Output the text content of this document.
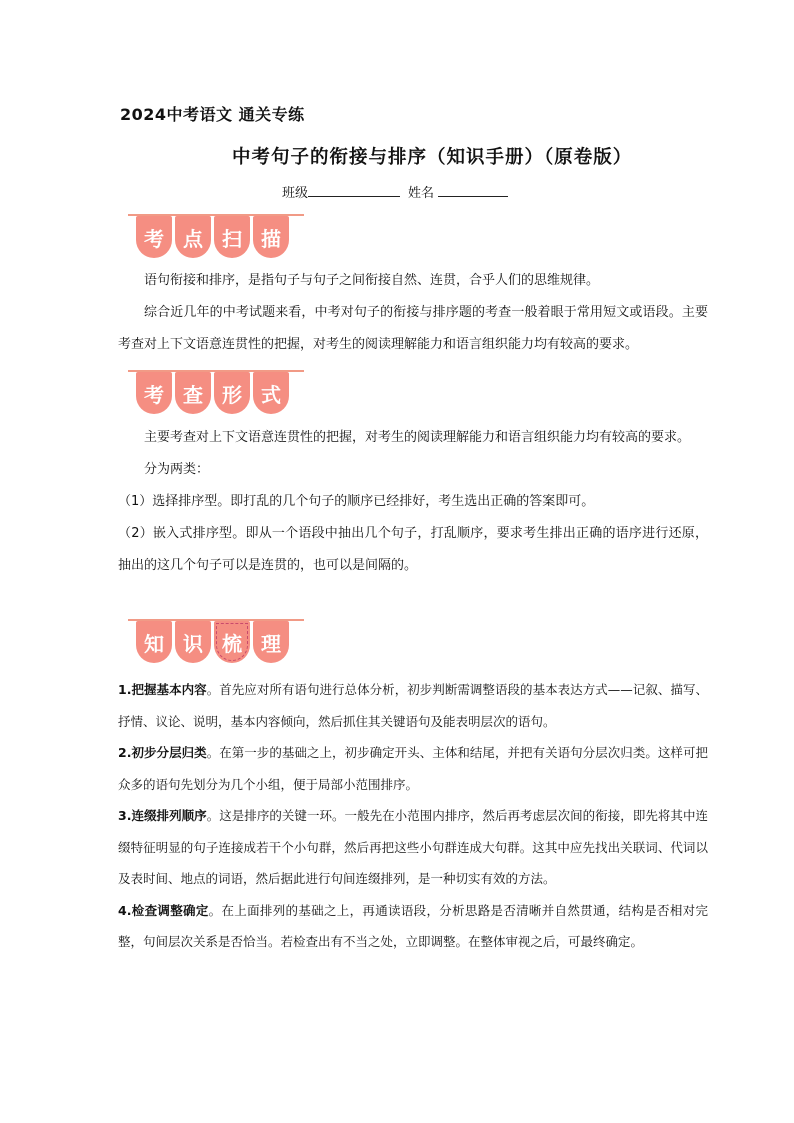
2024中考语文 通关专练
中考句子的衔接与排序（知识手册）（原卷版）
班级	姓名
考 点 扫 描

语句衔接和排序，是指句子与句子之间衔接自然、连贯，合乎人们的思维规律。

综合近几年的中考试题来看，中考对句子的衔接与排序题的考查一般着眼于常用短文或语段。主要考查对上下文语意连贯性的把握，对考生的阅读理解能力和语言组织能力均有较高的要求。

考 查 形 式

主要考查对上下文语意连贯性的把握，对考生的阅读理解能力和语言组织能力均有较高的要求。

分为两类：

（1）选择排序型。即打乱的几个句子的顺序已经排好，考生选出正确的答案即可。

（2）嵌入式排序型。即从一个语段中抽出几个句子，打乱顺序，要求考生排出正确的语序进行还原，抽出的这几个句子可以是连贯的，也可以是间隔的。

知 识 梳 理

1.把握基本内容。首先应对所有语句进行总体分析，初步判断需调整语段的基本表达方式——记叙、描写、抒情、议论、说明，基本内容倾向，然后抓住其关键语句及能表明层次的语句。

2.初步分层归类。在第一步的基础之上，初步确定开头、主体和结尾，并把有关语句分层次归类。这样可把众多的语句先划分为几个小组，便于局部小范围排序。

3.连缀排列顺序。这是排序的关键一环。一般先在小范围内排序，然后再考虑层次间的衔接，即先将其中连缀特征明显的句子连接成若干个小句群，然后再把这些小句群连成大句群。这其中应先找出关联词、代词以及表时间、地点的词语，然后据此进行句间连缀排列，是一种切实有效的方法。

4.检查调整确定。在上面排列的基础之上，再通读语段，分析思路是否清晰并自然贯通，结构是否相对完整，句间层次关系是否恰当。若检查出有不当之处，立即调整。在整体审视之后，可最终确定。
